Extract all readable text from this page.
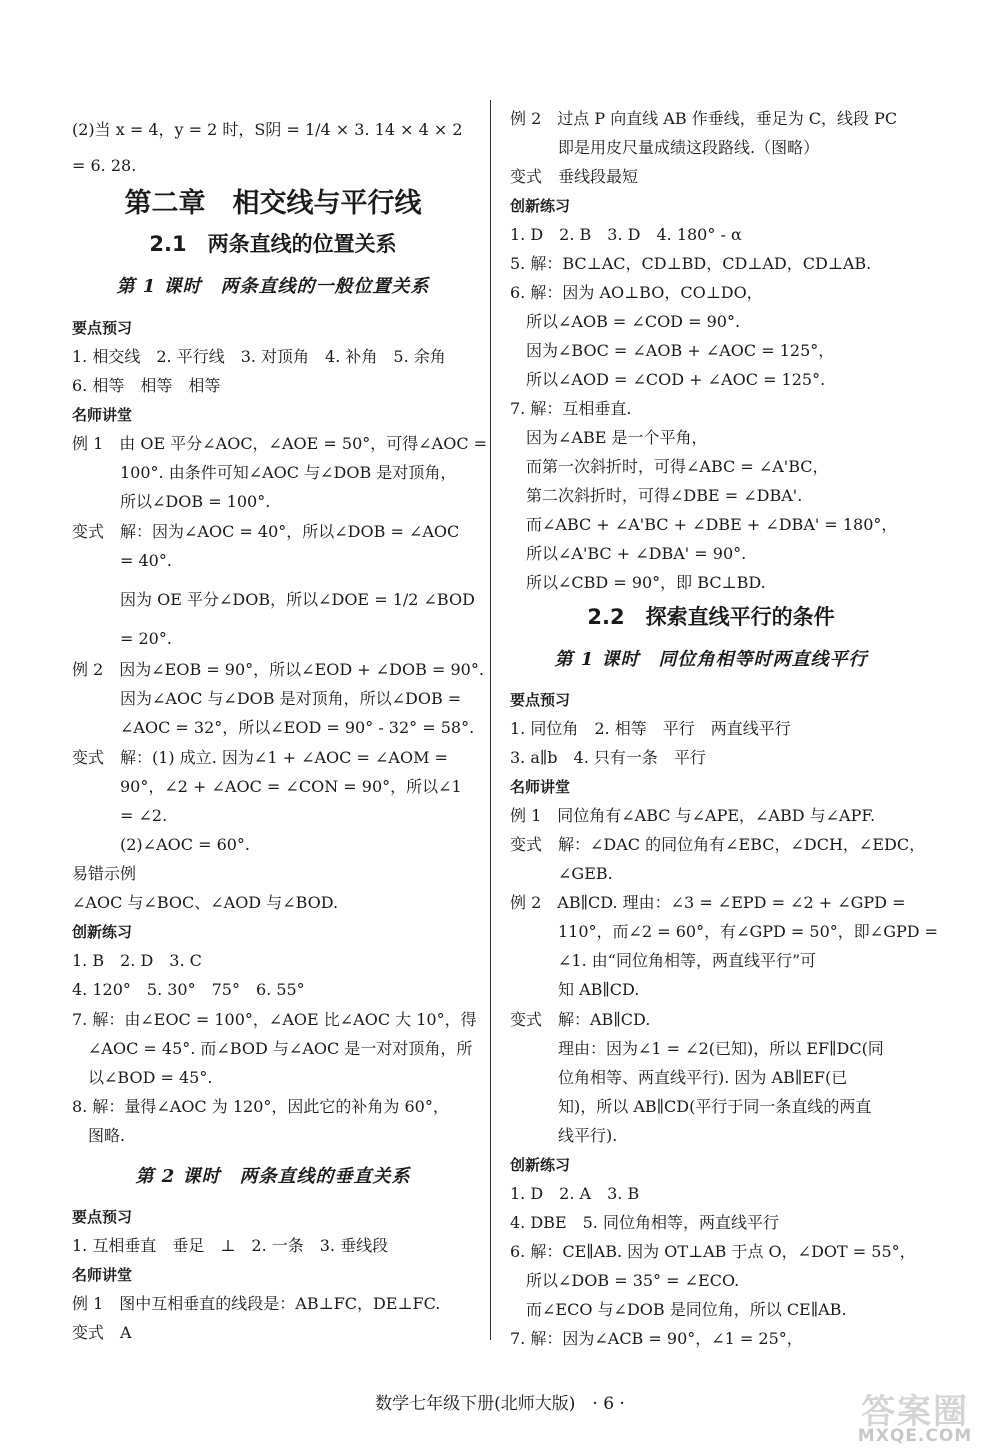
(2)当 x = 4，y = 2 时，S阴 = 1/4 × 3. 14 × 4 × 2
= 6. 28.
第二章　相交线与平行线
2.1　两条直线的位置关系
第 1 课时　两条直线的一般位置关系
要点预习
1. 相交线　2. 平行线　3. 对顶角　4. 补角　5. 余角
6. 相等　相等　相等
名师讲堂
例 1　由 OE 平分∠AOC，∠AOE = 50°，可得∠AOC =
　　　100°. 由条件可知∠AOC 与∠DOB 是对顶角，
　　　所以∠DOB = 100°.
变式　解：因为∠AOC = 40°，所以∠DOB = ∠AOC
　　　= 40°.
　　　因为 OE 平分∠DOB，所以∠DOE = 1/2 ∠BOD
　　　= 20°.
例 2　因为∠EOB = 90°，所以∠EOD + ∠DOB = 90°.
　　　因为∠AOC 与∠DOB 是对顶角，所以∠DOB =
　　　∠AOC = 32°，所以∠EOD = 90° - 32° = 58°.
变式　解：(1) 成立. 因为∠1 + ∠AOC = ∠AOM =
　　　90°，∠2 + ∠AOC = ∠CON = 90°，所以∠1
　　　= ∠2.
　　　(2)∠AOC = 60°.
易错示例
∠AOC 与∠BOC、∠AOD 与∠BOD.
创新练习
1. B　2. D　3. C
4. 120°　5. 30°　75°　6. 55°
7. 解：由∠EOC = 100°，∠AOE 比∠AOC 大 10°，得
　∠AOC = 45°. 而∠BOD 与∠AOC 是一对对顶角，所
　以∠BOD = 45°.
8. 解：量得∠AOC 为 120°，因此它的补角为 60°，
　图略.
第 2 课时　两条直线的垂直关系
要点预习
1. 互相垂直　垂足　⊥　2. 一条　3. 垂线段
名师讲堂
例 1　图中互相垂直的线段是：AB⊥FC，DE⊥FC.
变式　A
例 2　过点 P 向直线 AB 作垂线，垂足为 C，线段 PC
　　　即是用皮尺量成绩这段路线.（图略）
变式　垂线段最短
创新练习
1. D　2. B　3. D　4. 180° - α
5. 解：BC⊥AC，CD⊥BD，CD⊥AD，CD⊥AB.
6. 解：因为 AO⊥BO，CO⊥DO，
　所以∠AOB = ∠COD = 90°.
　因为∠BOC = ∠AOB + ∠AOC = 125°，
　所以∠AOD = ∠COD + ∠AOC = 125°.
7. 解：互相垂直.
　因为∠ABE 是一个平角，
　而第一次斜折时，可得∠ABC = ∠A'BC，
　第二次斜折时，可得∠DBE = ∠DBA'.
　而∠ABC + ∠A'BC + ∠DBE + ∠DBA' = 180°，
　所以∠A'BC + ∠DBA' = 90°.
　所以∠CBD = 90°，即 BC⊥BD.
2.2　探索直线平行的条件
第 1 课时　同位角相等时两直线平行
要点预习
1. 同位角　2. 相等　平行　两直线平行
3. a∥b　4. 只有一条　平行
名师讲堂
例 1　同位角有∠ABC 与∠APE，∠ABD 与∠APF.
变式　解：∠DAC 的同位角有∠EBC，∠DCH，∠EDC，
　　　∠GEB.
例 2　AB∥CD. 理由：∠3 = ∠EPD = ∠2 + ∠GPD =
　　　110°，而∠2 = 60°，有∠GPD = 50°，即∠GPD =
　　　∠1. 由“同位角相等，两直线平行”可
　　　知 AB∥CD.
变式　解：AB∥CD.
　　　理由：因为∠1 = ∠2(已知)，所以 EF∥DC(同
　　　位角相等、两直线平行). 因为 AB∥EF(已
　　　知)，所以 AB∥CD(平行于同一条直线的两直
　　　线平行).
创新练习
1. D　2. A　3. B
4. DBE　5. 同位角相等，两直线平行
6. 解：CE∥AB. 因为 OT⊥AB 于点 O，∠DOT = 55°，
　所以∠DOB = 35° = ∠ECO.
　而∠ECO 与∠DOB 是同位角，所以 CE∥AB.
7. 解：因为∠ACB = 90°，∠1 = 25°，
数学七年级下册(北师大版)　· 6 ·	答案圈
MXQE.COM
